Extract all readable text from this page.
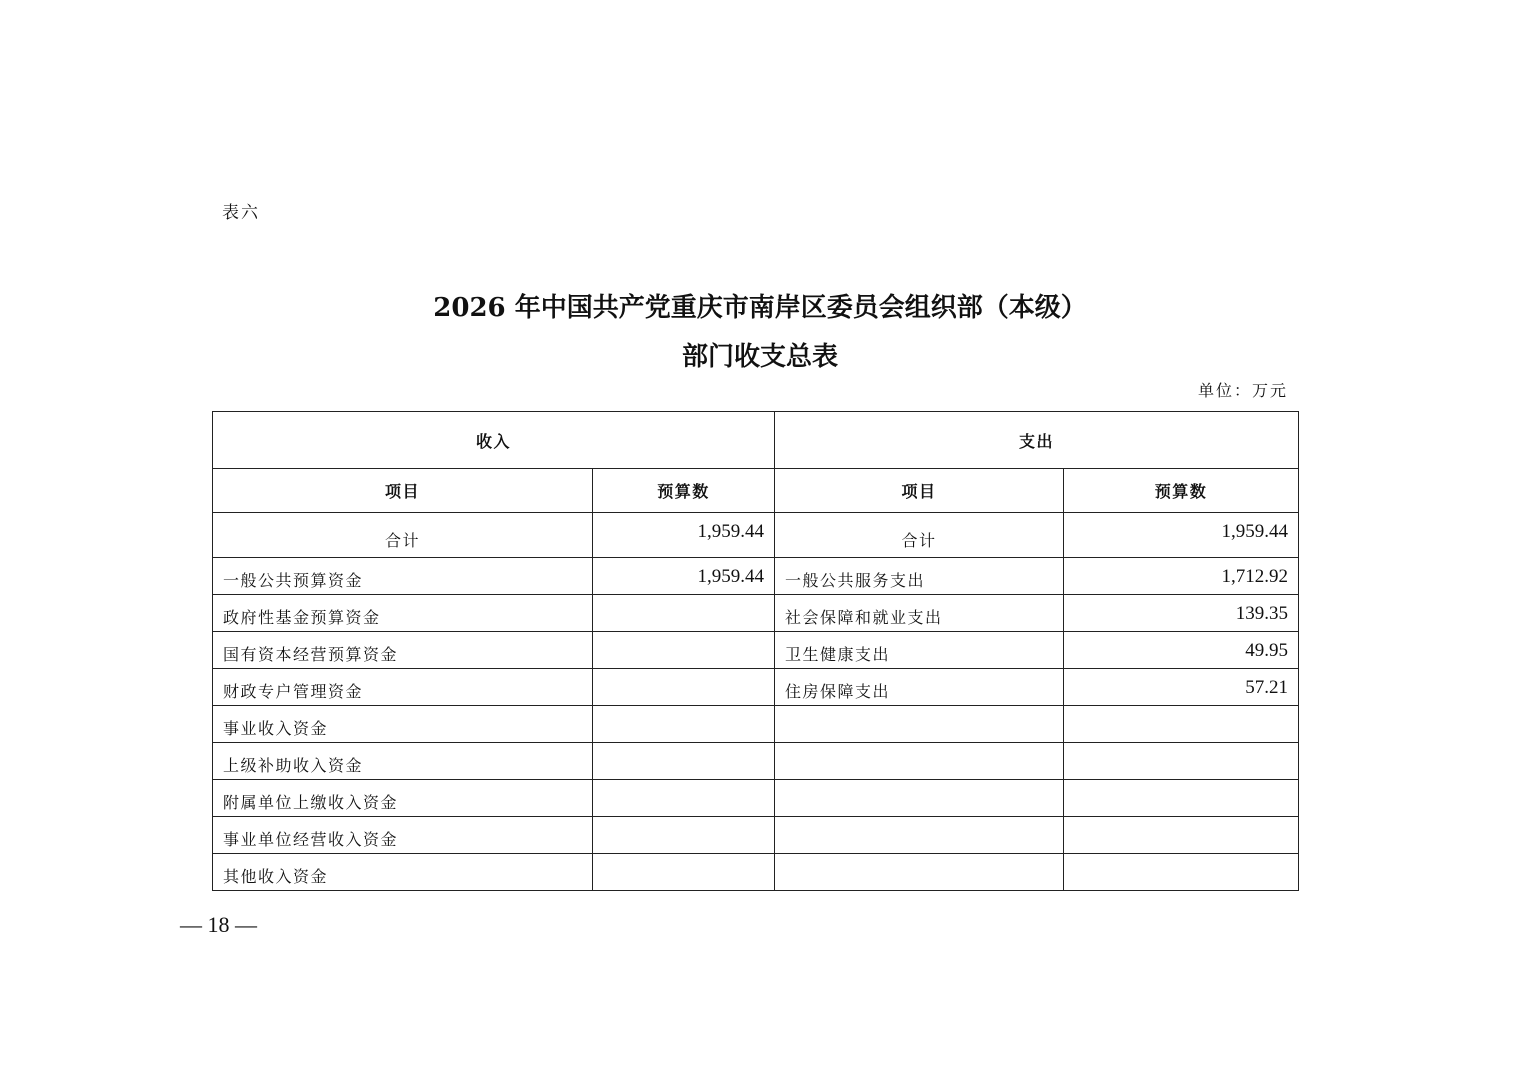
表六
2026 年中国共产党重庆市南岸区委员会组织部（本级）
部门收支总表
单位：万元
收入		支出	
项目	预算数	项目	预算数
合计	1,959.44	合计	1,959.44
一般公共预算资金	1,959.44	一般公共服务支出	1,712.92
政府性基金预算资金		社会保障和就业支出	139.35
国有资本经营预算资金		卫生健康支出	49.95
财政专户管理资金		住房保障支出	57.21
事业收入资金			
上级补助收入资金			
附属单位上缴收入资金			
事业单位经营收入资金			
其他收入资金			
— 18 —
